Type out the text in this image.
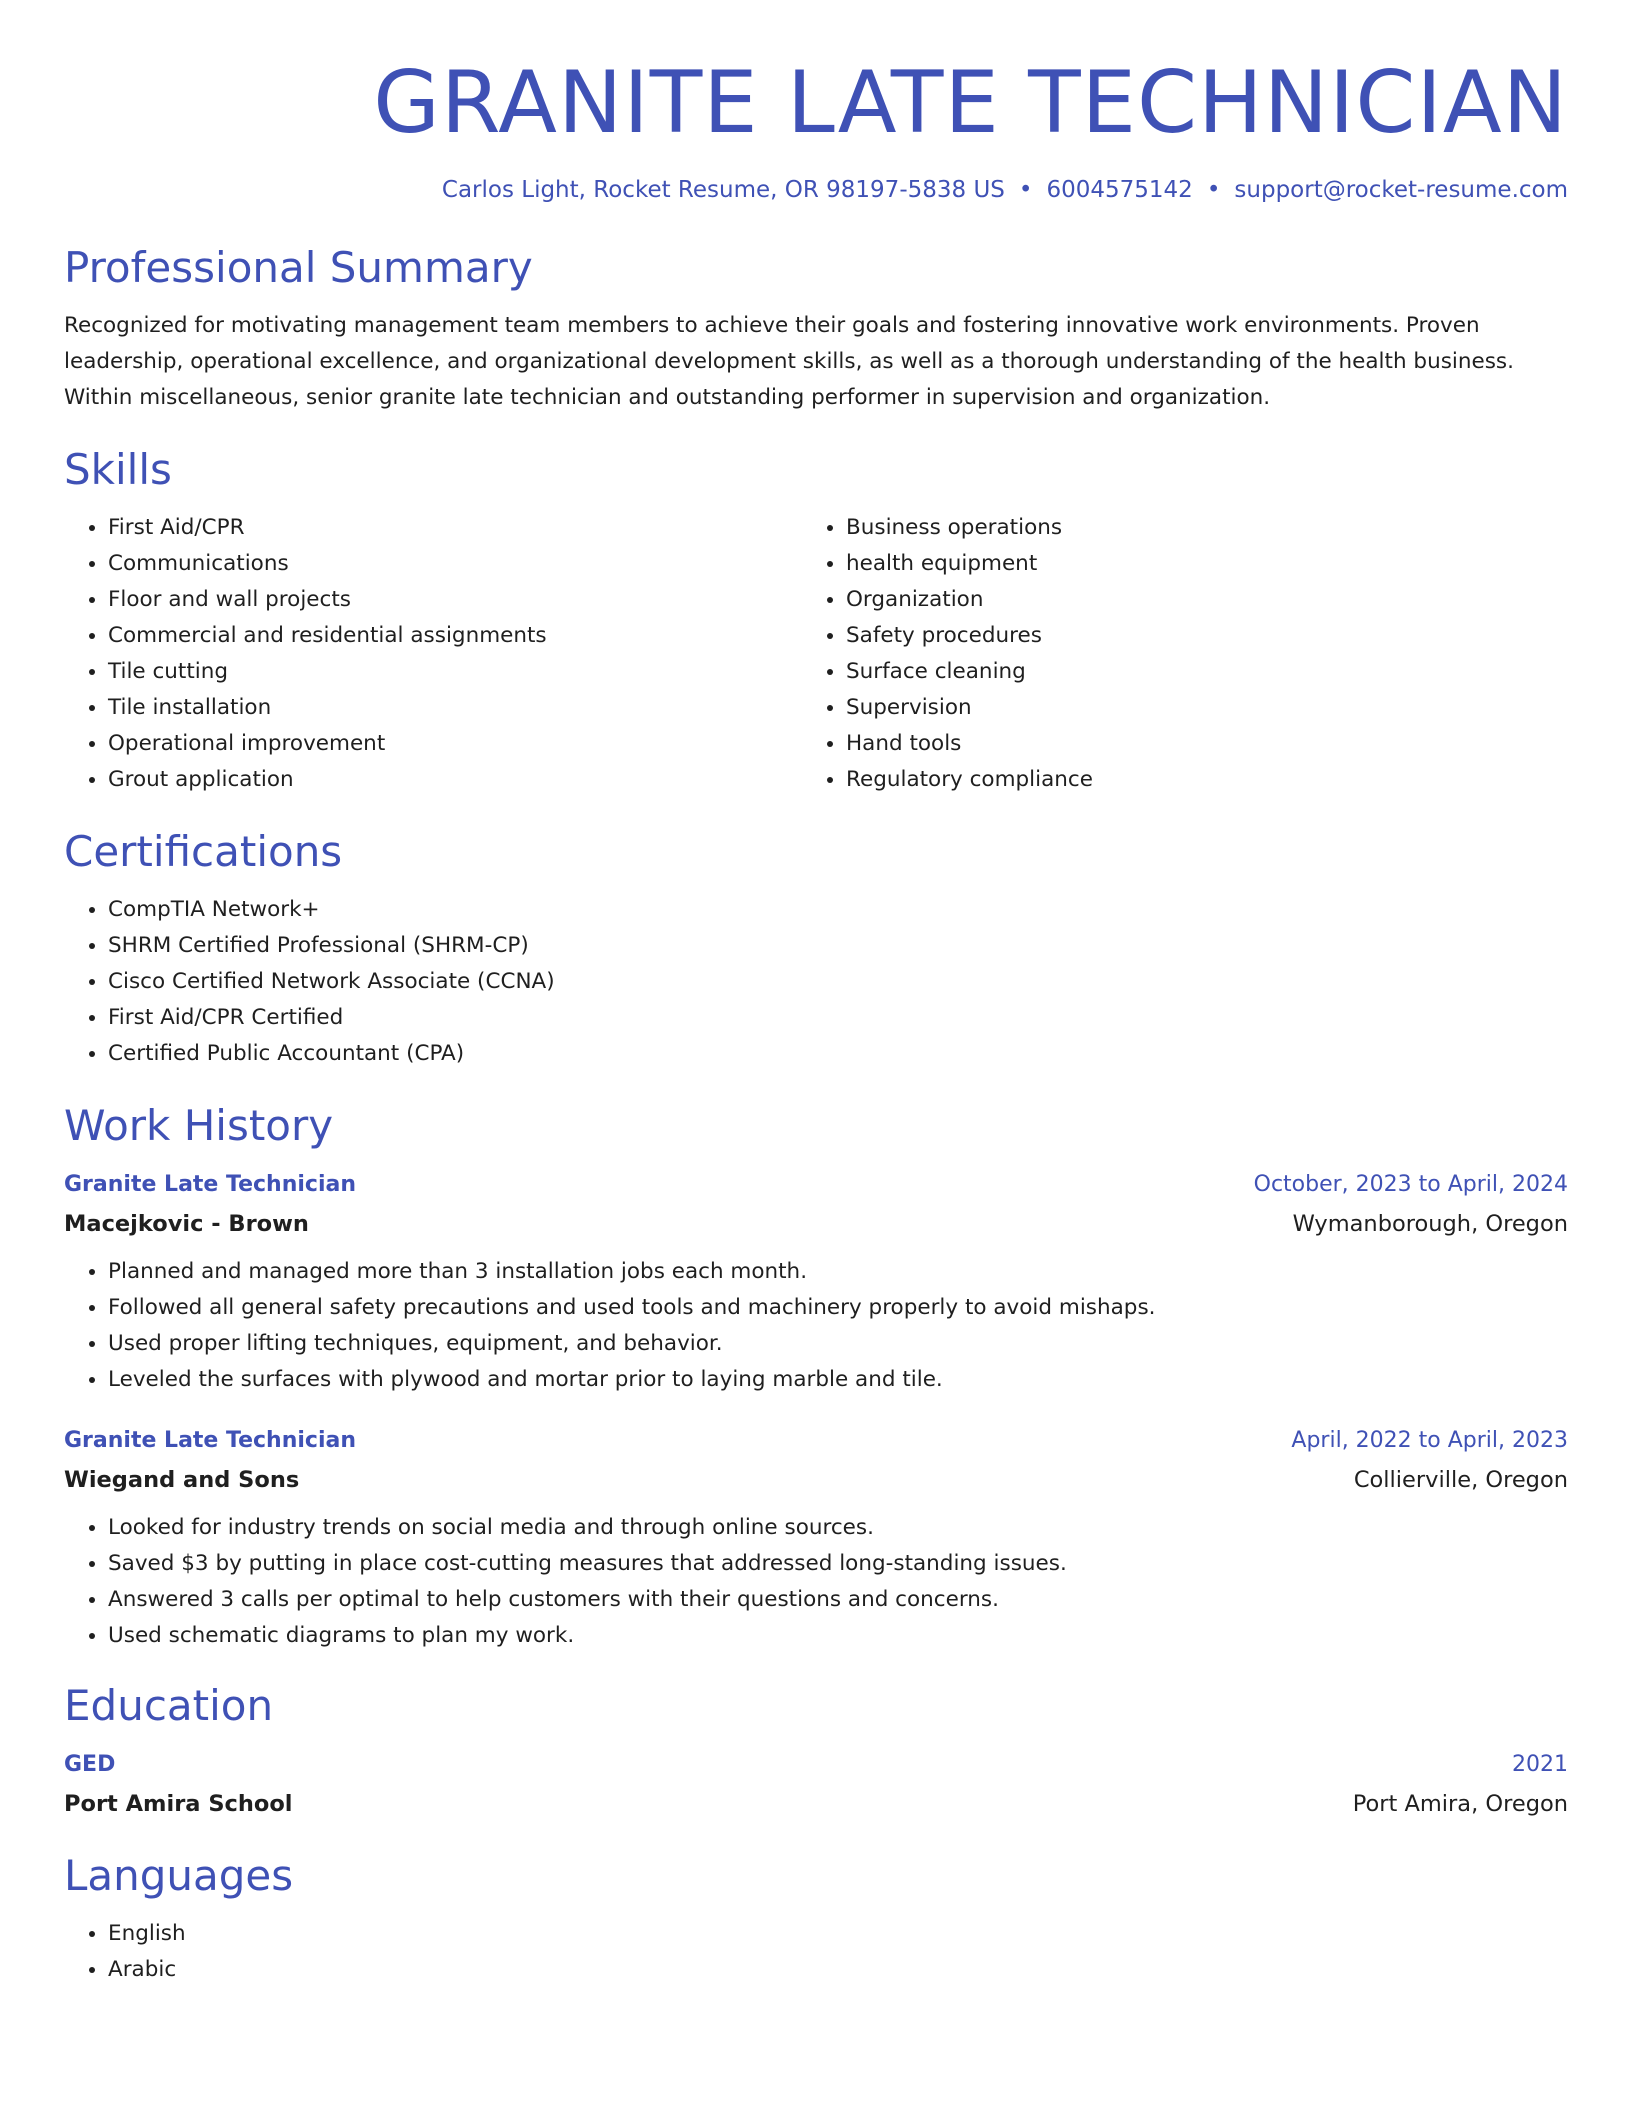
GRANITE LATE TECHNICIAN
Carlos Light, Rocket Resume, OR 98197-5838 US • 6004575142 • support@rocket-resume.com
Professional Summary

Recognized for motivating management team members to achieve their goals and fostering innovative work environments. Proven leadership, operational excellence, and organizational development skills, as well as a thorough understanding of the health business. Within miscellaneous, senior granite late technician and outstanding performer in supervision and organization.

Skills
• First Aid/CPR
• Communications
• Floor and wall projects
• Commercial and residential assignments
• Tile cutting
• Tile installation
• Operational improvement
• Grout application
• Business operations
• health equipment
• Organization
• Safety procedures
• Surface cleaning
• Supervision
• Hand tools
• Regulatory compliance
Certifications
• CompTIA Network+
• SHRM Certified Professional (SHRM-CP)
• Cisco Certified Network Associate (CCNA)
• First Aid/CPR Certified
• Certified Public Accountant (CPA)
Work History
Granite Late Technician	October, 2023 to April, 2024
Macejkovic - Brown	Wymanborough, Oregon
• Planned and managed more than 3 installation jobs each month.
• Followed all general safety precautions and used tools and machinery properly to avoid mishaps.
• Used proper lifting techniques, equipment, and behavior.
• Leveled the surfaces with plywood and mortar prior to laying marble and tile.
Granite Late Technician	April, 2022 to April, 2023
Wiegand and Sons	Collierville, Oregon
• Looked for industry trends on social media and through online sources.
• Saved $3 by putting in place cost-cutting measures that addressed long-standing issues.
• Answered 3 calls per optimal to help customers with their questions and concerns.
• Used schematic diagrams to plan my work.
Education
GED	2021
Port Amira School	Port Amira, Oregon
Languages
• English
• Arabic
